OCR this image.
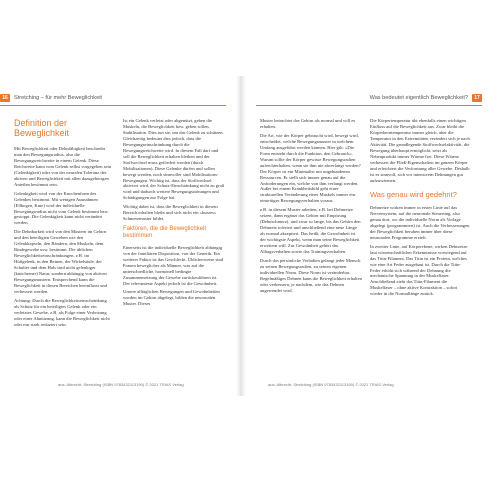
16	Stretching – für mehr Beweglichkeit
Definition der Beweglichkeit

Mit Beweglichkeit oder Dehnfähigkeit beschreibt man den Bewegungsradius, also die Bewegungsreichweite in einem Gelenk. Diese Reichweite kann vom Gelenk selbst vorgegeben sein (Gelenkigkeit) oder von der neuralen Toleranz des aktiven und Beweglichkeit mit allen dazugehörigen Anteilen bestimmt sein.

Gelenkigkeit wird von der Knochenform des Gelenkes bestimmt. Mit wenigen Ausnahmen (Ellbogen, Knie) wird der individuelle Bewegungsradius nicht vom Gelenk bestimmt bzw. gestoppt. Die Gelenkigkeit kann nicht verändert werden.

Die Dehnbarkeit wird von den Mustern im Gehirn und den beteiligten Geweben wie den Gelenkkapseln, den Bändern, den Muskeln, dem Bindegewebe usw. bestimmt. Die üblichen Beweglichkeitseinschränkungen, z.B. im Hüftgelenk, in den Beinen, der Wirbelsäule, der Schulter und dem Hals sind nicht gelenkiger (knöcherner) Natur, sondern abhängig von aktiven Bewegungsmustern. Entsprechend kann die Beweglichkeit in diesen Bereichen beeinflusst und verbessert werden.

Achtung: Durch die Beweglichkeitseinschränkung als Schutz für ein beteiligtes Gelenk oder ein verletztes Gewebe, z.B. als Folge einer Verletzung oder einer Abnützung, kann die Beweglichkeit nicht oder nur stark reduziert sein.

Ist ein Gelenk verletzt oder abgenützt, geben die Muskeln, die Beweglichkeit bzw. geben sollen, Stabilisation. Dies tun sie, um das Gelenk zu schützen. Gleichzeitig bedeutet dies jedoch, dass die Bewegungseinschränkung durch die Bewegungsreichweite wird. In diesem Fall darf und soll die Beweglichkeit erhalten bleiben und der Stoffwechsel muss gefördert werden (durch Mobilisationen). Diese Gelenke dürfen und sollen bewegt werden, noch sinnvoller sind Mobilisations-Bewegungen. Wichtig ist, dass der Stoffwechsel aktiviert wird, der Schutz-Einschränkung nicht zu groß wird und dadurch weitere Bewegungsstörungen und Schädigungen zur Folge hat.

Wichtig dabei ist, dass die Beweglichkeit in diesem Bereich erhalten bleibt und sich nicht ein »kurzes« Schmerzmuster bildet.

Faktoren, die die Beweglichkeit bestimmen

Einerseits ist die individuelle Beweglichkeit abhängig von der familiären Disposition, von der Genetik. Ein weiterer Faktor ist das Geschlecht. Üblicherweise sind Frauen beweglicher als Männer, was auf die unterschiedliche, hormonell bedingte Zusammensetzung der Gewebe zurückzuführen ist. Der relevanteste Aspekt jedoch ist die Gewohnheit.

Unsere alltäglichen Bewegungen und Gewohnheiten werden im Gehirn abgelegt, bilden die neuronalen Muster. Dieses

aus: Albrecht, Stretching (ISBN 9783432113190) © 2021 TRIAS Verlag
17
Was bedeutet eigentlich Beweglichkeit?

Muster betrachtet das Gehirn als normal und will es erhalten.

Die Art, wie der Körper gebraucht wird, bewegt wird, entscheidet, welche Bewegungsmuster in welchem Umfang ausgeführt werden können. Hier gilt: »Die Form entsteht durch die Funktion, den Gebrauch«. Warum sollte der Körper gewisse Bewegungsradien aufrechterhalten, wenn sie ihm nie abverlangt werden? Der Körper ist ein Minimalist mit ungebundenen Ressourcen. Er stellt sich immer genau auf die Anforderungen ein, welche von ihm verlangt werden. Außer bei einem Krankheitsbild geht einer strukturellen Veränderung eines Muskels immer ein einseitiges Bewegungsverhalten voraus.

z.B. in diesem Muster arbeiten, z.B. bei Dehnreize setzen, dann ergänzt das Gehirn mit Empörung (Dehnschmerz), und zwar so lange, bis das Gehirn den Dehnreiz toleriert und anschließend eine neue Länge als normal akzeptiert. Das heißt, die Gewohnheit ist der wichtigste Aspekt, wenn man seine Beweglichkeit erweitern will. Zur Gewohnheit gehört das Alltagsverhalten sowie das Trainingsverhalten.

Durch das persönliche Verhalten gelangt jeder Mensch zu seinen Bewegungsradien, zu seinen eigenen individuellen Norm. Diese Norm ist veränderbar. Regelmäßiges Dehnen kann die Beweglichkeit erhalten oder verbessern, je nachdem, wie das Dehnen angewendet wird.

Die Körpertemperatur übt ebenfalls einen wichtigen Einfluss auf die Beweglichkeit aus. Zwar bleibt die Körperkerntemperatur immer gleich, aber die Temperatur in den Extremitäten verändert sich je nach Aktivität. Die grundlegende Stoffwechselaktivität, die Bewegung überhaupt ermöglicht, setzt als Nebenprodukt immer Wärme frei. Diese Wärme verbessert die Fließ-Eigenschaften im ganzen Körper und erleichtert die Verformung aller Gewebe. Deshalb ist es sinnvoll, sich vor intensivem Dehnungen gut aufzuwärmen.

Was genau wird gedehnt?

Dehnreize wirken immer in erster Linie auf das Nervensystem, auf die neuronale Steuerung, also genau dort, wo die individuelle Norm als Vorlage abgelegt (programmiert) ist. Auch die Verbesserungen der Beweglichkeit beruhen immer über diese neuronalen Programme erzielt.

In zweiter Linie, auf Körperebene, wirken Dehnreize laut wissenschaftlicher Erkenntnisse vorwiegend auf das Titin-Filament. Das Titin ist ein Protein, welches wie eine Art Feder ausgebaut ist. Durch die Titin-Feder erhöht sich während der Dehnung die mechanische Spannung in der Muskelfaser. Anschließend zieht das Titin-Filament die Muskelfaser – ohne aktive Kontraktion – sofort wieder in die Normallänge zurück.

aus: Albrecht, Stretching (ISBN 9783432113190) © 2021 TRIAS Verlag
